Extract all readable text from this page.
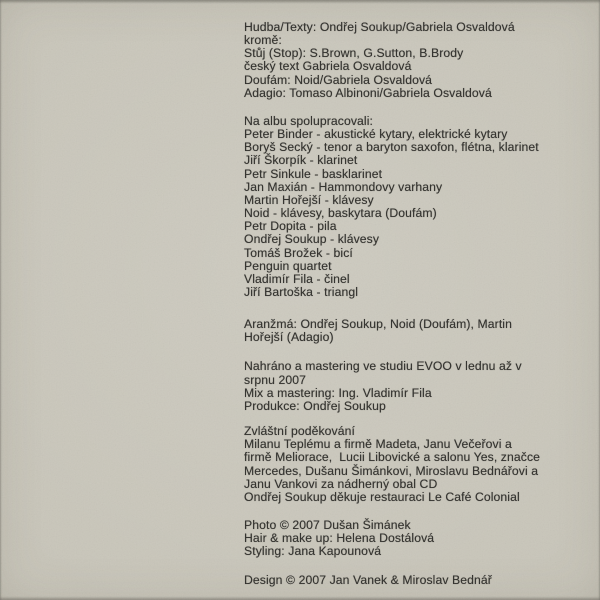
Hudba/Texty: Ondřej Soukup/Gabriela Osvaldová
kromě:
Stůj (Stop): S.Brown, G.Sutton, B.Brody
český text Gabriela Osvaldová
Doufám: Noid/Gabriela Osvaldová
Adagio: Tomaso Albinoni/Gabriela Osvaldová
Na albu spolupracovali:
Peter Binder - akustické kytary, elektrické kytary
Boryš Secký - tenor a baryton saxofon, flétna, klarinet
Jiří Škorpík - klarinet
Petr Sinkule - basklarinet
Jan Maxián - Hammondovy varhany
Martin Hořejší - klávesy
Noid - klávesy, baskytara (Doufám)
Petr Dopita - pila
Ondřej Soukup - klávesy
Tomáš Brožek - bicí
Penguin quartet
Vladimír Fila - činel
Jiří Bartoška - triangl
Aranžmá: Ondřej Soukup, Noid (Doufám), Martin
Hořejší (Adagio)
Nahráno a mastering ve studiu EVOO v lednu až v
srpnu 2007
Mix a mastering: Ing. Vladimír Fila
Produkce: Ondřej Soukup
Zvláštní poděkování
Milanu Teplému a firmě Madeta, Janu Večeřovi a
firmě Meliorace,  Lucii Libovické a salonu Yes, značce
Mercedes, Dušanu Šimánkovi, Miroslavu Bednářovi a
Janu Vankovi za nádherný obal CD
Ondřej Soukup děkuje restauraci Le Café Colonial
Photo © 2007 Dušan Šimánek
Hair & make up: Helena Dostálová
Styling: Jana Kapounová
Design © 2007 Jan Vanek & Miroslav Bednář
